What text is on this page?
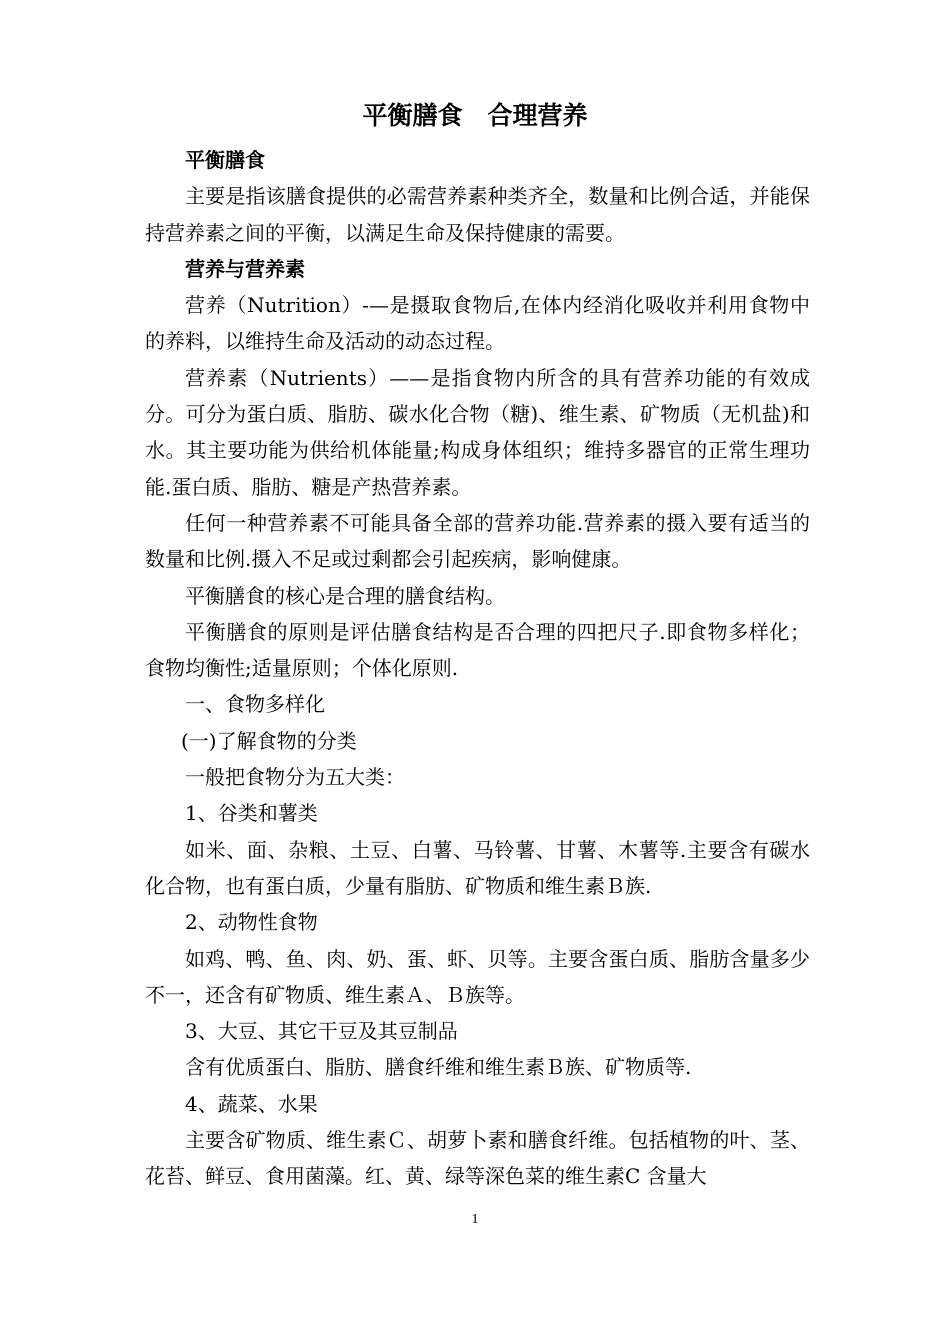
平衡膳食　合理营养

平衡膳食

主要是指该膳食提供的必需营养素种类齐全，数量和比例合适，并能保持营养素之间的平衡，以满足生命及保持健康的需要。

营养与营养素

营养（Nutrition）-—是摄取食物后,在体内经消化吸收并利用食物中的养料，以维持生命及活动的动态过程。

营养素（Nutrients）——是指食物内所含的具有营养功能的有效成分。可分为蛋白质、脂肪、碳水化合物（糖)、维生素、矿物质（无机盐)和水。其主要功能为供给机体能量;构成身体组织；维持多器官的正常生理功能.蛋白质、脂肪、糖是产热营养素。

任何一种营养素不可能具备全部的营养功能.营养素的摄入要有适当的数量和比例.摄入不足或过剩都会引起疾病，影响健康。

平衡膳食的核心是合理的膳食结构。

平衡膳食的原则是评估膳食结构是否合理的四把尺子.即食物多样化；食物均衡性;适量原则；个体化原则.

一、食物多样化

(一)了解食物的分类

一般把食物分为五大类：

1、谷类和薯类

如米、面、杂粮、土豆、白薯、马铃薯、甘薯、木薯等.主要含有碳水化合物，也有蛋白质，少量有脂肪、矿物质和维生素Ｂ族.

2、动物性食物

如鸡、鸭、鱼、肉、奶、蛋、虾、贝等。主要含蛋白质、脂肪含量多少不一，还含有矿物质、维生素Ａ、Ｂ族等。

3、大豆、其它干豆及其豆制品

含有优质蛋白、脂肪、膳食纤维和维生素Ｂ族、矿物质等.

4、蔬菜、水果

主要含矿物质、维生素Ｃ、胡萝卜素和膳食纤维。包括植物的叶、茎、花苔、鲜豆、食用菌藻。红、黄、绿等深色菜的维生素C 含量大

1
